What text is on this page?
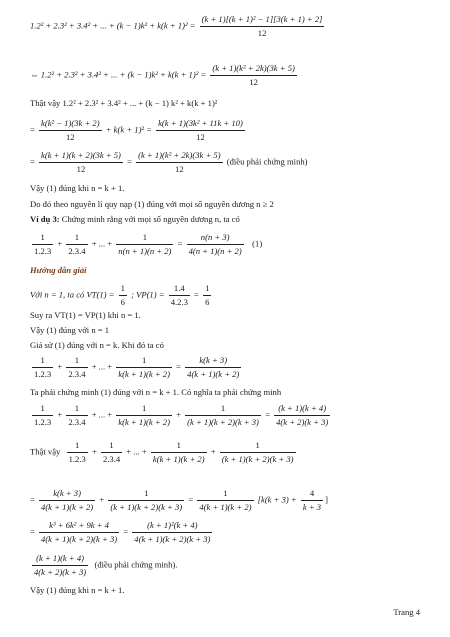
1.2² + 2.3² + 3.4² + ... + $(k - 1)k^2 + k(k + 1)^2 = \frac{\text{(k + 1)[(k + 1)² − 1][3(k + 1) + 2]}}{12}$
⇔ 1.2² + 2.3² + 3.4² + ... + $(k - 1)k^2 + k(k + 1)^2 = \frac{\text{(k + 1)(k² + 2k)(3k + 5)}}{12}$
Thật vậy 1.2² + 2.3² + 3.4² + ... + (k − 1) k² + k(k + 1)²
= $\frac{\text{k(k² − 1)(3k + 2)}}{12} + k(k + 1)^2 = \frac{\text{k(k + 1)(3k² + 11k + 10)}}{12}$
= $\frac{k(k + 1)(k + 2)(3k + 5)}{12} = \frac{\text{(k + 1)(k² + 2k)(3k + 5)}}{12}$ (điều phải chứng minh)
Vậy (1) đúng khi n = k + 1.
Do đó theo nguyên lí quy nạp (1) đúng với mọi số nguyên dương n ≥ 2
Ví dụ 3: Chứng minh rằng với mọi số nguyên dương n, ta có
$\frac{1}{1.2.3} + \frac{1}{2.3.4}$ + ... + $\frac{1}{n(n + 1)(n + 2)} = \frac{n(n + 3)}{4(n + 1)(n + 2)} (1)$
Hướng dẫn giải
Với n = 1, ta có $VT(1) = \frac{1}{6}$ ; $VP(1) = \frac{1.4}{4.2.3} = \frac{1}{6}$
Suy ra VT(1) = VP(1) khi n = 1.
Vậy (1) đúng với n = 1
Giả sử (1) đúng với n = k. Khi đó ta có
$\frac{1}{1.2.3} + \frac{1}{2.3.4}$ + ... + $\frac{1}{k(k + 1)(k + 2)} = \frac{k(k + 3)}{4(k + 1)(k + 2)}$
Ta phải chứng minh (1) đúng với n = k + 1. Có nghĩa ta phải chứng minh
$\frac{1}{1.2.3} + \frac{1}{2.3.4}$ + ... + $\frac{1}{k(k + 1)(k + 2)} + \frac{1}{(k + 1)(k + 2)(k + 3)} = \frac{(k + 1)(k + 4)}{4(k + 2)(k + 3)}$
Thật vậy $\frac{1}{1.2.3} + \frac{1}{2.3.4}$ + ... + $\frac{1}{k(k + 1)(k + 2)} + \frac{1}{(k + 1)(k + 2)(k + 3)}$
= $\frac{k(k + 3)}{4(k + 1)(k + 2)} + \frac{1}{(k + 1)(k + 2)(k + 3)} = \frac{1}{4(k + 1)(k + 2)} [k(k + 3) + \frac{4}{k + 3}$ ]
= $\frac{\text{k³ + 6k² + 9k + 4}}{4(k + 1)(k + 2)(k + 3)} = \frac{\text{(k + 1)²(k + 4)}}{4(k + 1)(k + 2)(k + 3)}$
$\frac{(k + 1)(k + 4)}{4(k + 2)(k + 3)}$ (điều phải chứng minh).
Vậy (1) đúng khi n = k + 1.
Trang 4
